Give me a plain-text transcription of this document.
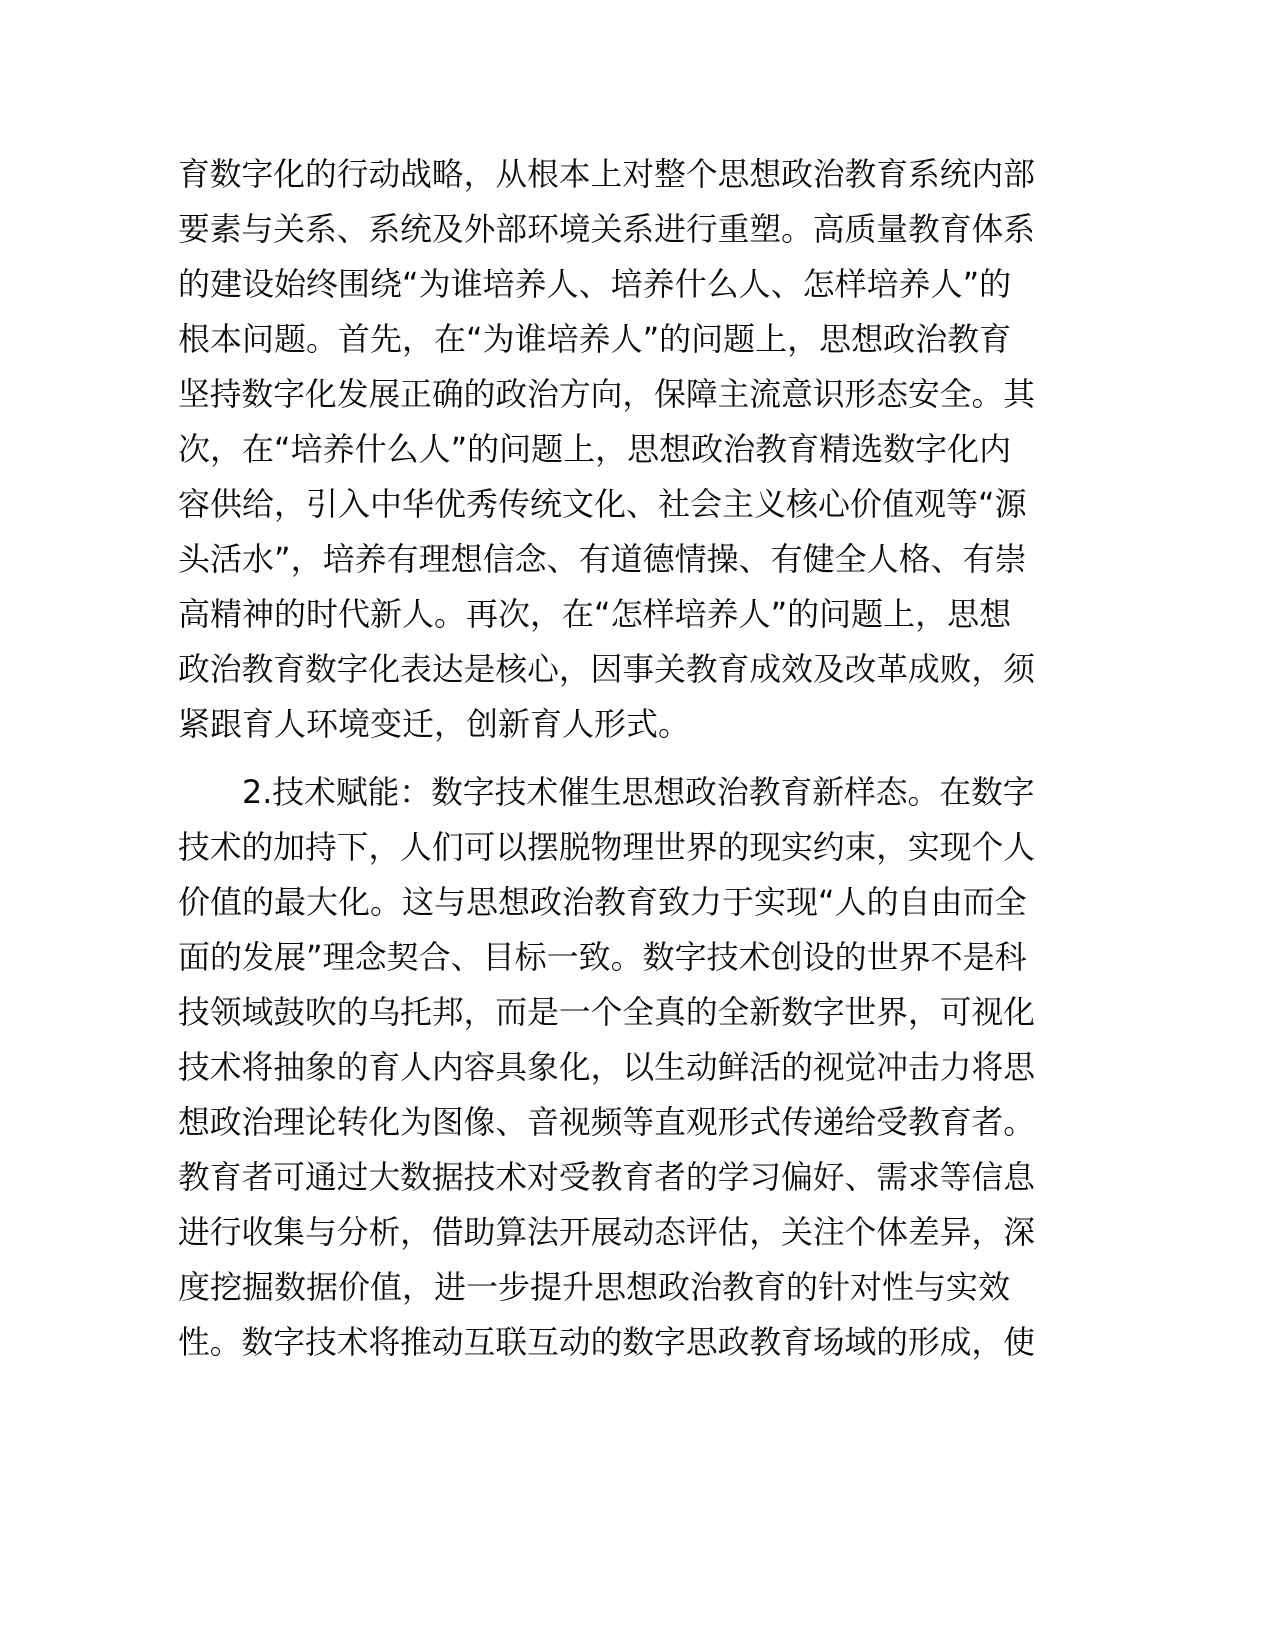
育数字化的行动战略，从根本上对整个思想政治教育系统内部
要素与关系、系统及外部环境关系进行重塑。高质量教育体系
的建设始终围绕“为谁培养人、培养什么人、怎样培养人”的
根本问题。首先，在“为谁培养人”的问题上，思想政治教育
坚持数字化发展正确的政治方向，保障主流意识形态安全。其
次，在“培养什么人”的问题上，思想政治教育精选数字化内
容供给，引入中华优秀传统文化、社会主义核心价值观等“源
头活水”，培养有理想信念、有道德情操、有健全人格、有崇
高精神的时代新人。再次，在“怎样培养人”的问题上，思想
政治教育数字化表达是核心，因事关教育成效及改革成败，须
紧跟育人环境变迁，创新育人形式。
2.技术赋能：数字技术催生思想政治教育新样态。在数字
技术的加持下，人们可以摆脱物理世界的现实约束，实现个人
价值的最大化。这与思想政治教育致力于实现“人的自由而全
面的发展”理念契合、目标一致。数字技术创设的世界不是科
技领域鼓吹的乌托邦，而是一个全真的全新数字世界，可视化
技术将抽象的育人内容具象化，以生动鲜活的视觉冲击力将思
想政治理论转化为图像、音视频等直观形式传递给受教育者。
教育者可通过大数据技术对受教育者的学习偏好、需求等信息
进行收集与分析，借助算法开展动态评估，关注个体差异，深
度挖掘数据价值，进一步提升思想政治教育的针对性与实效
性。数字技术将推动互联互动的数字思政教育场域的形成，使
